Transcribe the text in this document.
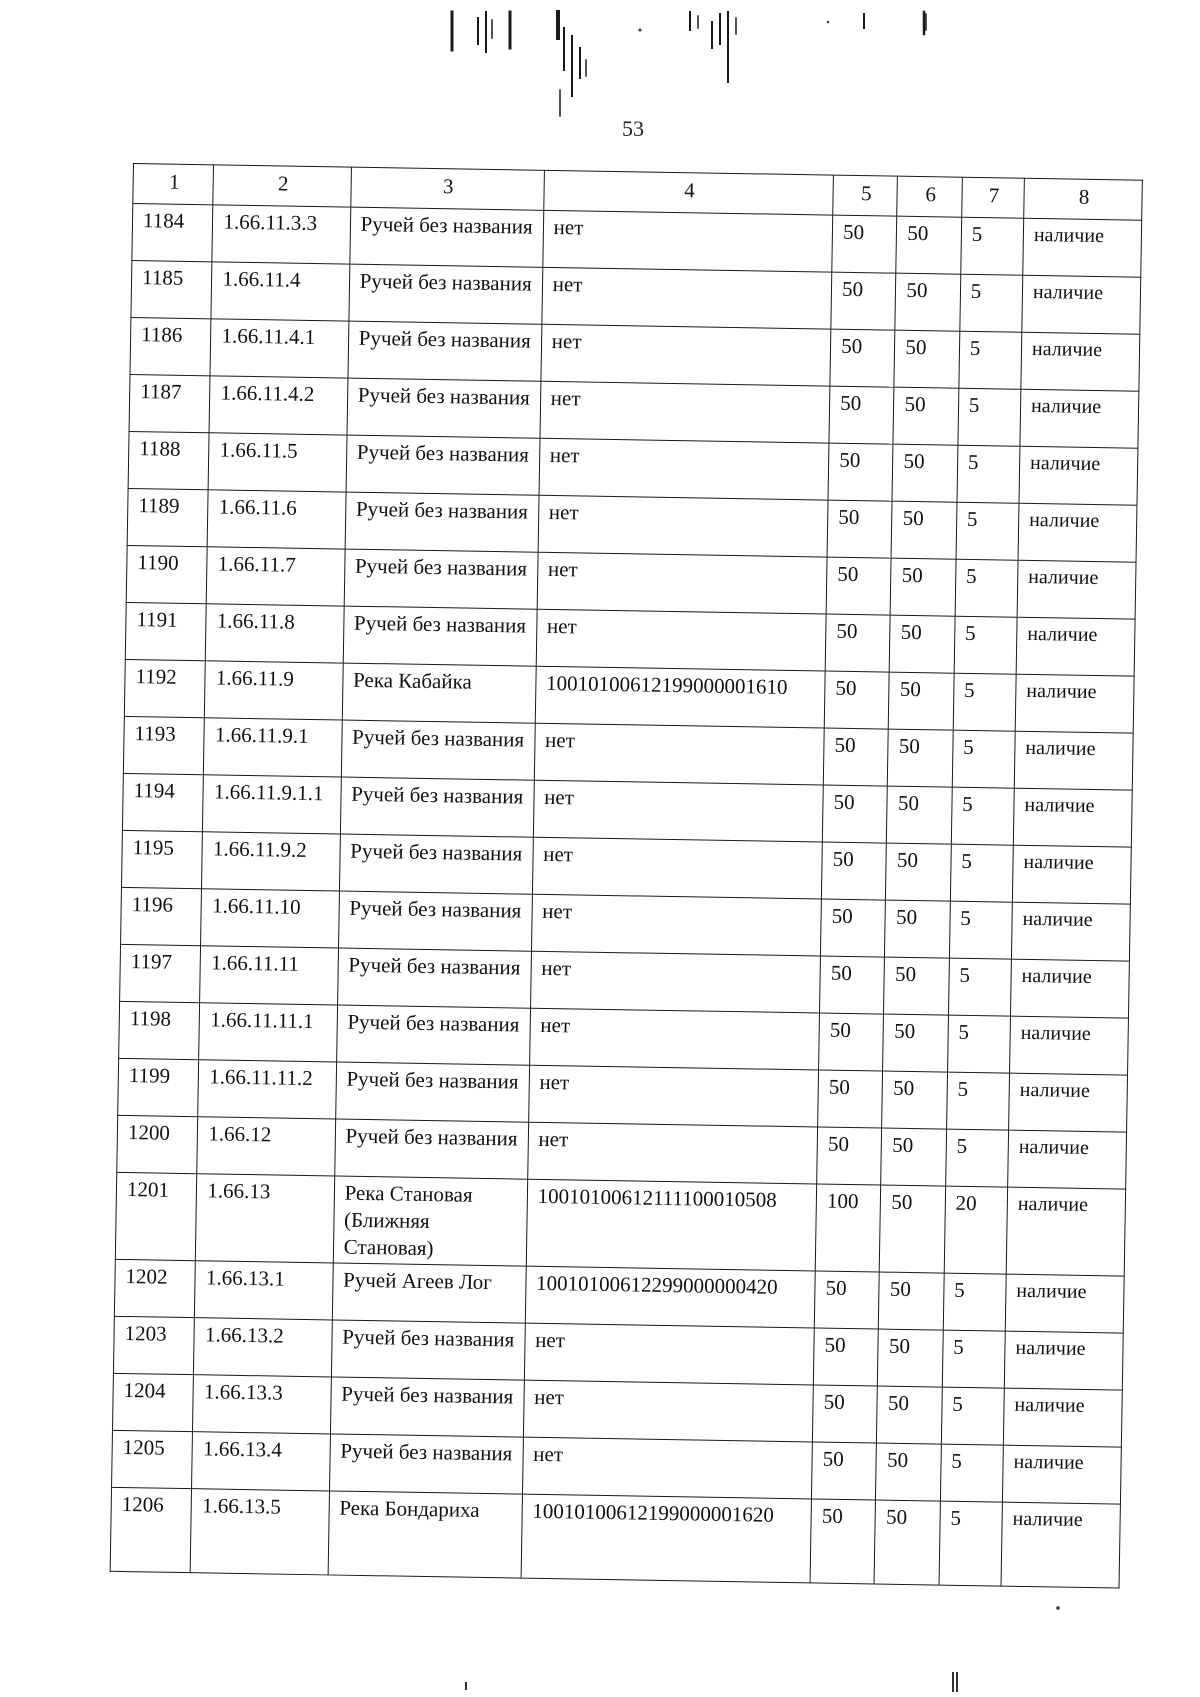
53
1	2	3	4	5	6	7	8
1184	1.66.11.3.3	Ручей без названия	нет	50	50	5	наличие
1185	1.66.11.4	Ручей без названия	нет	50	50	5	наличие
1186	1.66.11.4.1	Ручей без названия	нет	50	50	5	наличие
1187	1.66.11.4.2	Ручей без названия	нет	50	50	5	наличие
1188	1.66.11.5	Ручей без названия	нет	50	50	5	наличие
1189	1.66.11.6	Ручей без названия	нет	50	50	5	наличие
1190	1.66.11.7	Ручей без названия	нет	50	50	5	наличие
1191	1.66.11.8	Ручей без названия	нет	50	50	5	наличие
1192	1.66.11.9	Река Кабайка	10010100612199000001610	50	50	5	наличие
1193	1.66.11.9.1	Ручей без названия	нет	50	50	5	наличие
1194	1.66.11.9.1.1	Ручей без названия	нет	50	50	5	наличие
1195	1.66.11.9.2	Ручей без названия	нет	50	50	5	наличие
1196	1.66.11.10	Ручей без названия	нет	50	50	5	наличие
1197	1.66.11.11	Ручей без названия	нет	50	50	5	наличие
1198	1.66.11.11.1	Ручей без названия	нет	50	50	5	наличие
1199	1.66.11.11.2	Ручей без названия	нет	50	50	5	наличие
1200	1.66.12	Ручей без названия	нет	50	50	5	наличие
1201	1.66.13	Река Становая (Ближняя Становая)	10010100612111100010508	100	50	20	наличие
1202	1.66.13.1	Ручей Агеев Лог	10010100612299000000420	50	50	5	наличие
1203	1.66.13.2	Ручей без названия	нет	50	50	5	наличие
1204	1.66.13.3	Ручей без названия	нет	50	50	5	наличие
1205	1.66.13.4	Ручей без названия	нет	50	50	5	наличие
1206	1.66.13.5	Река Бондариха	10010100612199000001620	50	50	5	наличие
